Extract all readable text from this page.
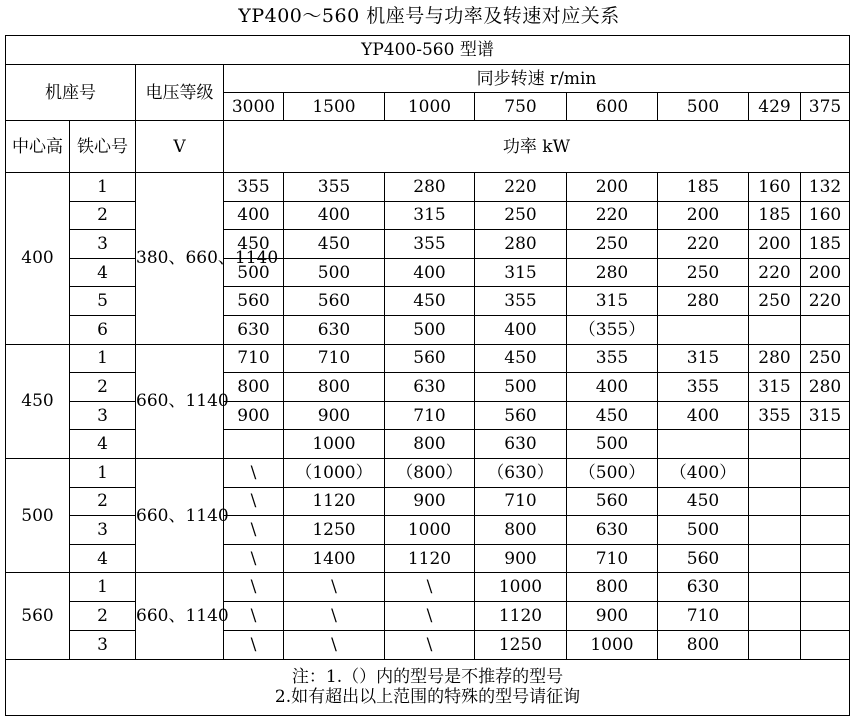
YP400～560 机座号与功率及转速对应关系
YP400-560 型谱										
机座号		电压等级	同步转速 r/min							
			3000	1500	1000	750	600	500	429	375
中心高	铁心号	V	功率 kW							
400	1	380、660、1140	355	355	280	220	200	185	160	132
	2		400	400	315	250	220	200	185	160
	3		450	450	355	280	250	220	200	185
	4		500	500	400	315	280	250	220	200
	5		560	560	450	355	315	280	250	220
	6		630	630	500	400	（355）			
450	1	660、1140	710	710	560	450	355	315	280	250
	2		800	800	630	500	400	355	315	280
	3		900	900	710	560	450	400	355	315
	4			1000	800	630	500			
500	1	660、1140	\	（1000）	（800）	（630）	（500）	（400）		
	2		\	1120	900	710	560	450		
	3		\	1250	1000	800	630	500		
	4		\	1400	1120	900	710	560		
560	1	660、1140	\	\	\	1000	800	630		
	2		\	\	\	1120	900	710		
	3		\	\	\	1250	1000	800		

注：1.（）内的型号是不推荐的型号
2.如有超出以上范围的特殊的型号请征询										
